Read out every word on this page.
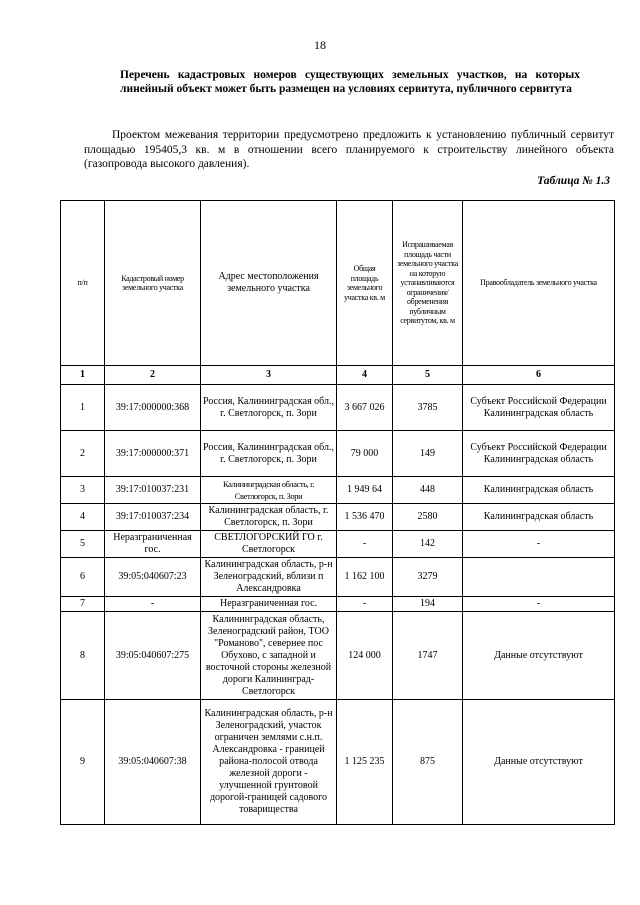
18
Перечень кадастровых номеров существующих земельных участков, на которых линейный объект может быть размещен на условиях сервитута, публичного сервитута
Проектом межевания территории предусмотрено предложить к установлению публичный сервитут площадью 195405,3 кв. м в отношении всего планируемого к строительству линейного объекта (газопровода высокого давления).
Таблица № 1.3
п/п	Кадастровый номер земельного участка	Адрес местоположения земельного участка	Общая площадь земельного участка кв. м	Испрашиваемая площадь части земельного участка на которую устанавливаются ограничения/обременения публичным сервитутом, кв. м	Правообладатель земельного участка
1	2	3	4	5	6
1	39:17:000000:368	Россия, Калининградская обл., г. Светлогорск, п. Зори	3 667 026	3785	Субъект Российской Федерации Калининградская область
2	39:17:000000:371	Россия, Калининградская обл., г. Светлогорск, п. Зори	79 000	149	Субъект Российской Федерации Калининградская область
3	39:17:010037:231	Калининградская область, г. Светлогорск, п. Зори	1 949 64	448	Калининградская область
4	39:17:010037:234	Калининградская область, г. Светлогорск, п. Зори	1 536 470	2580	Калининградская область
5	Неразграниченная гос.	СВЕТЛОГОРСКИЙ ГО г. Светлогорск	-	142	-
6	39:05:040607:23	Калининградская область, р-н Зеленоградский, вблизи п Александровка	1 162 100	3279	
7	-	Неразграниченная гос.	-	194	-
8	39:05:040607:275	Калининградская область, Зеленоградский район, ТОО "Романово", севернее пос Обухово, с западной и восточной стороны железной дороги Калининград-Светлогорск	124 000	1747	Данные отсутствуют
9	39:05:040607:38	Калининградская область, р-н Зеленоградский, участок ограничен землями с.н.п. Александровка - границей района-полосой отвода железной дороги - улучшенной грунтовой дорогой-границей садового товарищества	1 125 235	875	Данные отсутствуют
